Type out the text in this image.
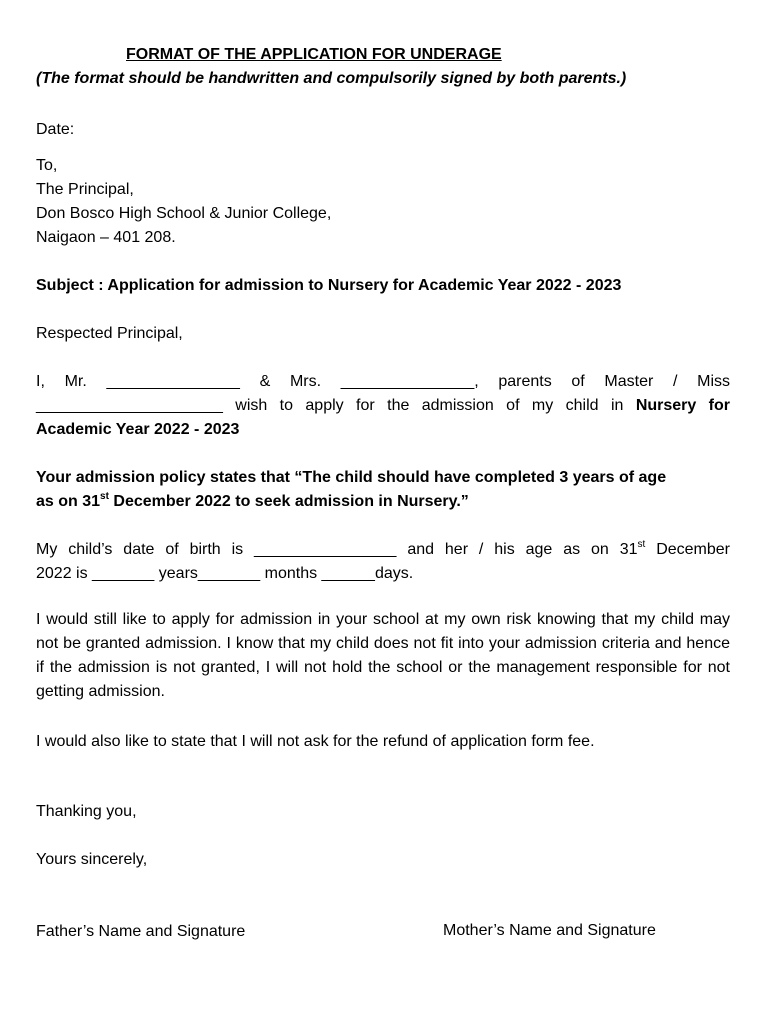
FORMAT OF THE APPLICATION FOR UNDERAGE
(The format should be handwritten and compulsorily signed by both parents.)
Date:
To,
The Principal,
Don Bosco High School & Junior College,
Naigaon – 401 208.
Subject : Application for admission to Nursery for Academic Year 2022 - 2023
Respected Principal,
I, Mr. _______________ & Mrs. _______________, parents of Master / Miss
_____________________ wish to apply for the admission of my child in Nursery for
Academic Year 2022 - 2023
Your admission policy states that “The child should have completed 3 years of age
as on 31st December 2022 to seek admission in Nursery.”
My child’s date of birth is ________________ and her / his age as on 31st December
2022 is _______ years_______ months ______days.
I would still like to apply for admission in your school at my own risk knowing that my child may not be granted admission. I know that my child does not fit into your admission criteria and hence if the admission is not granted, I will not hold the school or the management responsible for not getting admission.
I would also like to state that I will not ask for the refund of application form fee.
Thanking you,
Yours sincerely,
Father’s Name and Signature	Mother’s Name and Signature
